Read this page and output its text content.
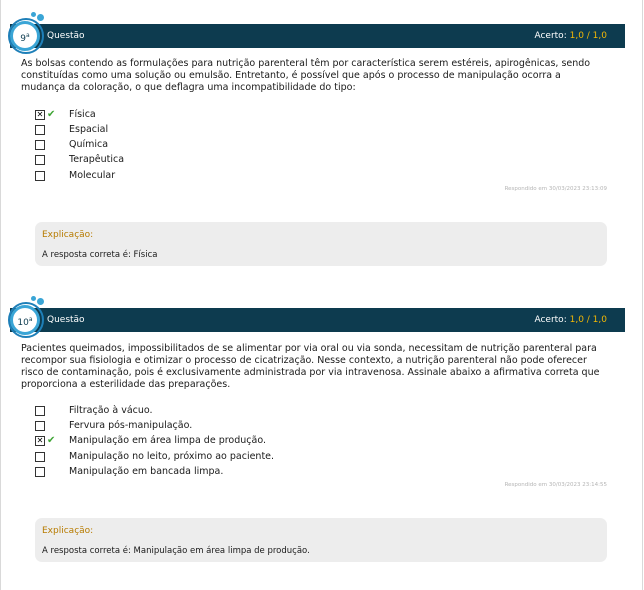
Questão	Acerto: 1,0 / 1,0
9$^a$
As bolsas contendo as formulações para nutrição parenteral têm por característica serem estéreis, apirogênicas, sendo constituídas como uma solução ou emulsão. Entretanto, é possível que após o processo de manipulação ocorra a mudança da coloração, o que deflagra uma incompatibilidade do tipo:
✕ ✔ Física
Espacial
Química
Terapêutica
Molecular
Respondido em 30/03/2023 23:13:09
Explicação:
A resposta correta é: Física
Questão	Acerto: 1,0 / 1,0
10$^a$
Pacientes queimados, impossibilitados de se alimentar por via oral ou via sonda, necessitam de nutrição parenteral para recompor sua fisiologia e otimizar o processo de cicatrização. Nesse contexto, a nutrição parenteral não pode oferecer risco de contaminação, pois é exclusivamente administrada por via intravenosa. Assinale abaixo a afirmativa correta que proporciona a esterilidade das preparações.
Filtração à vácuo.
Fervura pós-manipulação.
✕ ✔ Manipulação em área limpa de produção.
Manipulação no leito, próximo ao paciente.
Manipulação em bancada limpa.
Respondido em 30/03/2023 23:14:55
Explicação:
A resposta correta é: Manipulação em área limpa de produção.
